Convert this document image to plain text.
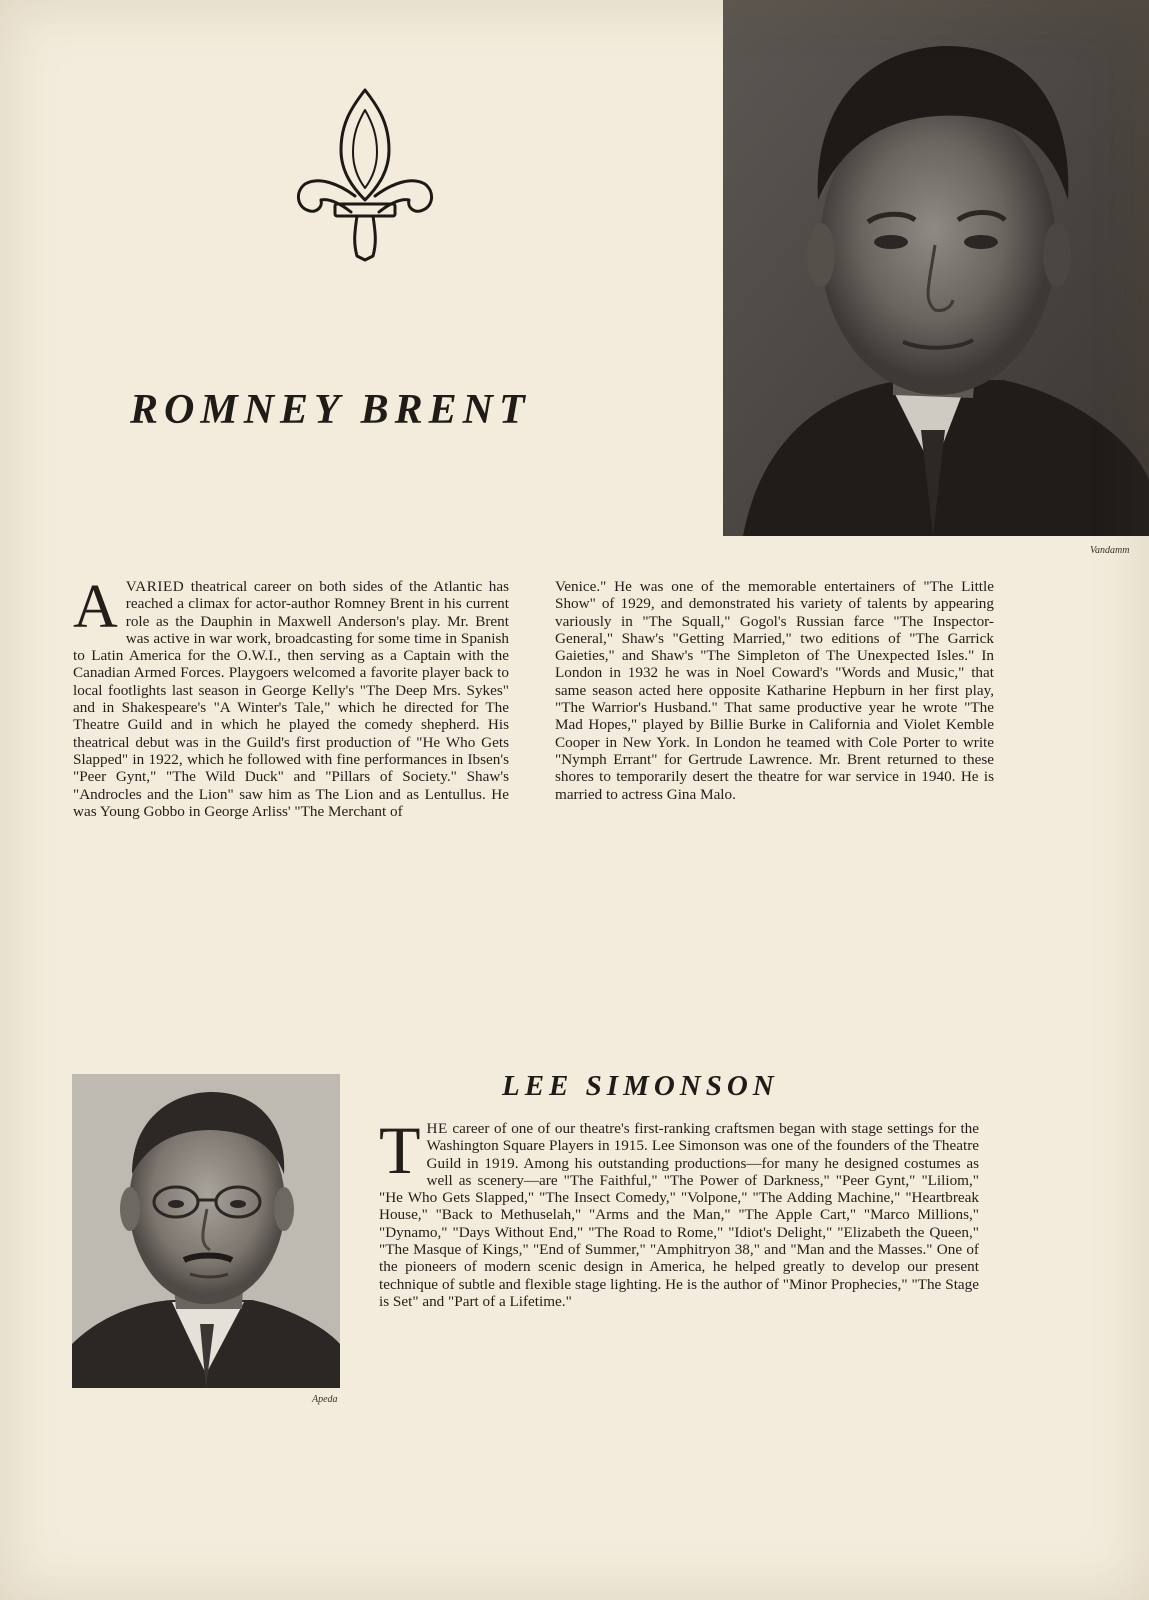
ROMNEY BRENT
Vandamm

AVARIED theatrical career on both sides of the Atlantic has reached a climax for actor-author Romney Brent in his current role as the Dauphin in Maxwell Anderson's play. Mr. Brent was active in war work, broadcasting for some time in Spanish to Latin America for the O.W.I., then serving as a Captain with the Canadian Armed Forces. Playgoers welcomed a favorite player back to local footlights last season in George Kelly's "The Deep Mrs. Sykes" and in Shakespeare's "A Winter's Tale," which he directed for The Theatre Guild and in which he played the comedy shepherd. His theatrical debut was in the Guild's first production of "He Who Gets Slapped" in 1922, which he followed with fine performances in Ibsen's "Peer Gynt," "The Wild Duck" and "Pillars of Society." Shaw's "Androcles and the Lion" saw him as The Lion and as Lentullus. He was Young Gobbo in George Arliss' "The Merchant of

Venice." He was one of the memorable entertainers of "The Little Show" of 1929, and demonstrated his variety of talents by appearing variously in "The Squall," Gogol's Russian farce "The Inspector-General," Shaw's "Getting Married," two editions of "The Garrick Gaieties," and Shaw's "The Simpleton of The Unexpected Isles." In London in 1932 he was in Noel Coward's "Words and Music," that same season acted here opposite Katharine Hepburn in her first play, "The Warrior's Husband." That same productive year he wrote "The Mad Hopes," played by Billie Burke in California and Violet Kemble Cooper in New York. In London he teamed with Cole Porter to write "Nymph Errant" for Gertrude Lawrence. Mr. Brent returned to these shores to temporarily desert the theatre for war service in 1940. He is married to actress Gina Malo.

Apeda
LEE SIMONSON

THE career of one of our theatre's first-ranking craftsmen began with stage settings for the Washington Square Players in 1915. Lee Simonson was one of the founders of the Theatre Guild in 1919. Among his outstanding productions—for many he designed costumes as well as scenery—are "The Faithful," "The Power of Darkness," "Peer Gynt," "Liliom," "He Who Gets Slapped," "The Insect Comedy," "Volpone," "The Adding Machine," "Heartbreak House," "Back to Methuselah," "Arms and the Man," "The Apple Cart," "Marco Millions," "Dynamo," "Days Without End," "The Road to Rome," "Idiot's Delight," "Elizabeth the Queen," "The Masque of Kings," "End of Summer," "Amphitryon 38," and "Man and the Masses." One of the pioneers of modern scenic design in America, he helped greatly to develop our present technique of subtle and flexible stage lighting. He is the author of "Minor Prophecies," "The Stage is Set" and "Part of a Lifetime."
